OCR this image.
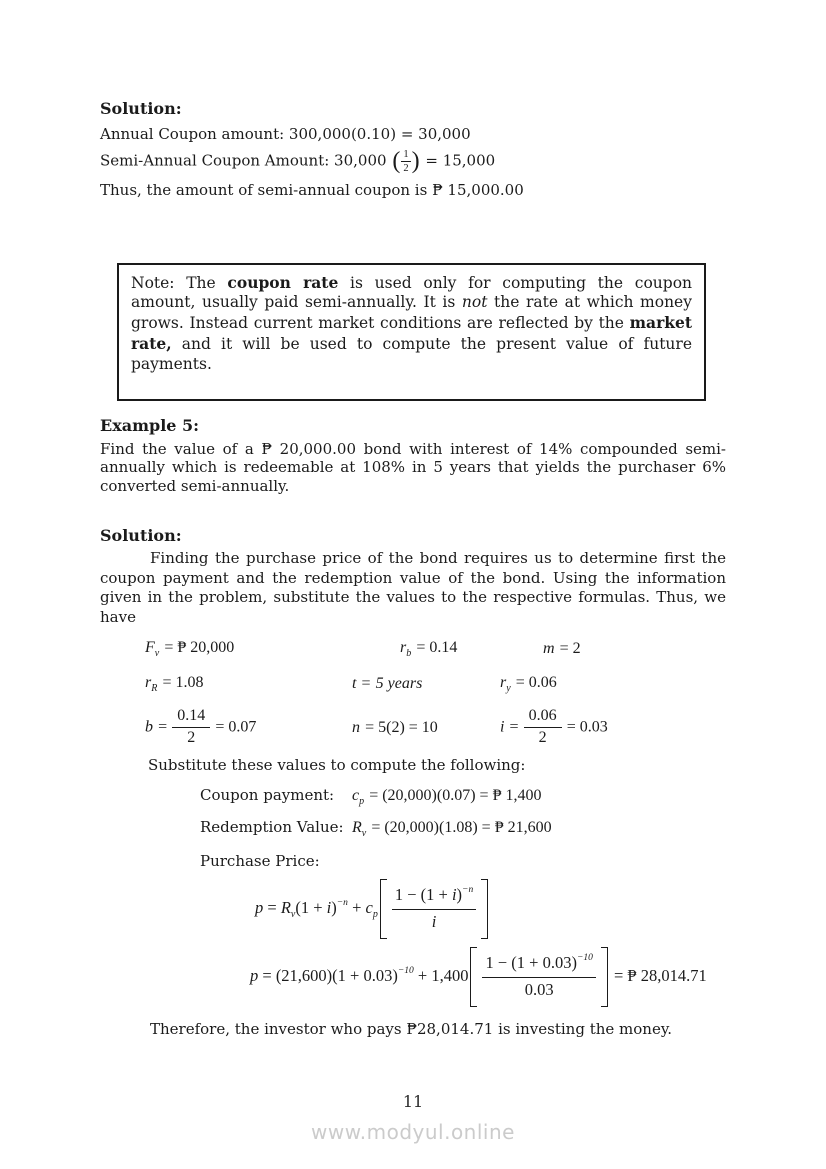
Solution:

Annual Coupon amount: 300,000(0.10) = 30,000

Semi-Annual Coupon Amount: 30,000 ( $\frac{1}{2}$ ) = 15,000

Thus, the amount of semi-annual coupon is ₱ 15,000.00

Note: The coupon rate is used only for computing the coupon amount, usually paid semi-annually. It is not the rate at which money grows. Instead current market conditions are reflected by the market rate, and it will be used to compute the present value of future payments.

Example 5:

Find the value of a ₱ 20,000.00 bond with interest of 14% compounded semi-annually which is redeemable at 108% in 5 years that yields the purchaser 6% converted semi-annually.

Solution:

Finding the purchase price of the bond requires us to determine first the coupon payment and the redemption value of the bond. Using the information given in the problem, substitute the values to the respective formulas. Thus, we have

$F_v$ = ₱ 20,000	$r_b = 0.14$	m = 2
$r_R = 1.08$	t = 5 years	$r_y = 0.06$
$b = \frac{0.14}{2} = 0.07$	n = 5(2) = 10	$i = \frac{0.06}{2} = 0.03$

Substitute these values to compute the following:

Coupon payment: $c_p = (20,000)(0.07)$ = ₱ 1,400

Redemption Value: $R_v = (20,000)(1.08)$ = ₱ 21,600

Purchase Price:

$p = R_v(1 + i)^{-n} + c_p \frac{1 - (1 + i)^{-n}}{i}$
$p = (21,600)(1 + 0.03)^{-10} + 1,400 \frac{1 - (1 + 0.03)^{-10}}{0.03}$ = ₱ 28,014.71

Therefore, the investor who pays ₱28,014.71 is investing the money.

11
www.modyul.online
